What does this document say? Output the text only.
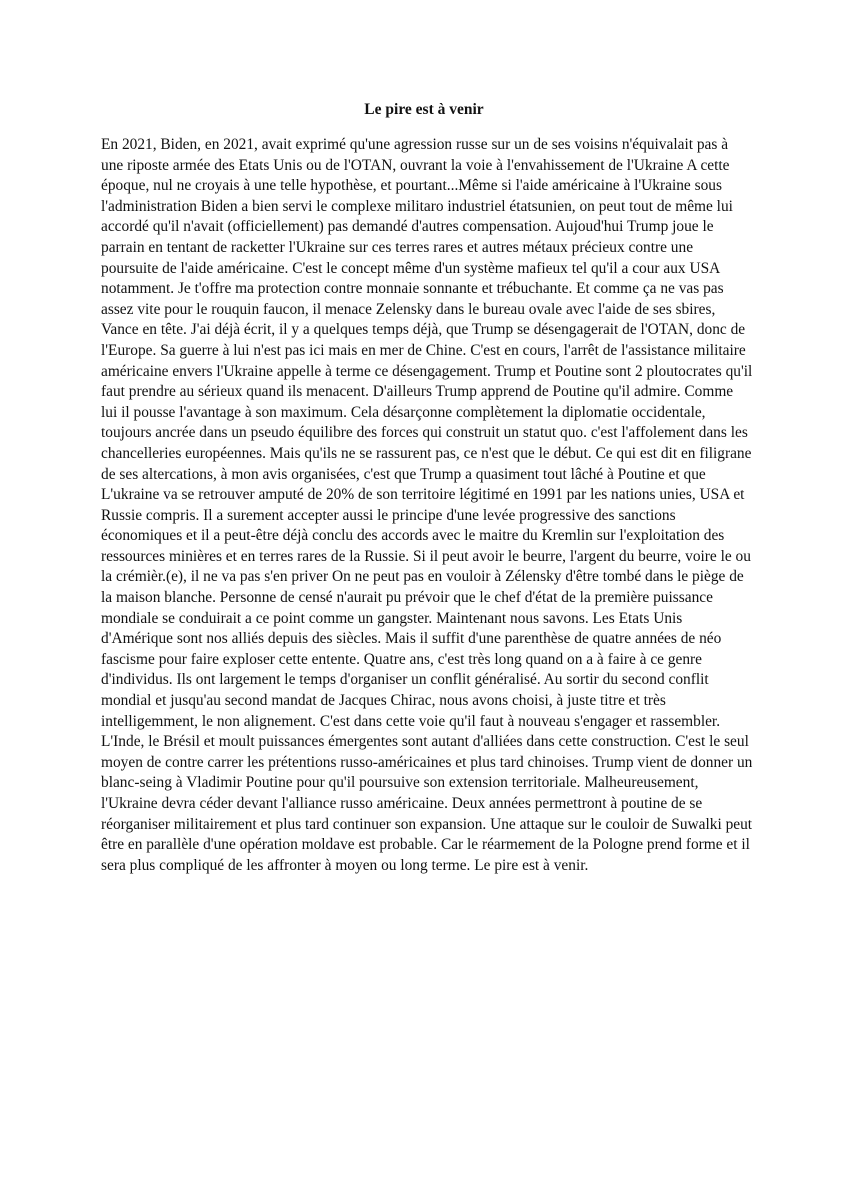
Le pire est à venir

En 2021, Biden, en 2021, avait exprimé qu'une agression russe sur un de ses voisins n'équivalait pas à une riposte armée des Etats Unis ou de l'OTAN, ouvrant la voie à l'envahissement de l'Ukraine A cette époque, nul ne croyais à une telle hypothèse, et pourtant...Même si l'aide américaine à l'Ukraine sous l'administration Biden a bien servi le complexe militaro industriel étatsunien, on peut tout de même lui accordé qu'il n'avait (officiellement) pas demandé d'autres compensation. Aujoud'hui Trump joue le parrain en tentant de racketter l'Ukraine sur ces terres rares et autres métaux précieux contre une poursuite de l'aide américaine. C'est le concept même d'un système mafieux tel qu'il a cour aux USA notamment. Je t'offre ma protection contre monnaie sonnante et trébuchante. Et comme ça ne vas pas assez vite pour le rouquin faucon, il menace Zelensky dans le bureau ovale avec l'aide de ses sbires, Vance en tête. J'ai déjà écrit, il y a quelques temps déjà, que Trump se désengagerait de l'OTAN, donc de l'Europe. Sa guerre à lui n'est pas ici mais en mer de Chine. C'est en cours, l'arrêt de l'assistance militaire américaine envers l'Ukraine appelle à terme ce désengagement. Trump et Poutine sont 2 ploutocrates qu'il faut prendre au sérieux quand ils menacent. D'ailleurs Trump apprend de Poutine qu'il admire. Comme lui il pousse l'avantage à son maximum. Cela désarçonne complètement la diplomatie occidentale, toujours ancrée dans un pseudo équilibre des forces qui construit un statut quo. c'est l'affolement dans les chancelleries européennes. Mais qu'ils ne se rassurent pas, ce n'est que le début. Ce qui est dit en filigrane de ses altercations, à mon avis organisées, c'est que Trump a quasiment tout lâché à Poutine et que L'ukraine va se retrouver amputé de 20% de son territoire légitimé en 1991 par les nations unies, USA et Russie compris. Il a surement accepter aussi le principe d'une levée progressive des sanctions économiques et il a peut-être déjà conclu des accords avec le maitre du Kremlin sur l'exploitation des ressources minières et en terres rares de la Russie. Si il peut avoir le beurre, l'argent du beurre, voire le ou la crémièr.(e), il ne va pas s'en priver On ne peut pas en vouloir à Zélensky d'être tombé dans le piège de la maison blanche. Personne de censé n'aurait pu prévoir que le chef d'état de la première puissance mondiale se conduirait a ce point comme un gangster. Maintenant nous savons. Les Etats Unis d'Amérique sont nos alliés depuis des siècles. Mais il suffit d'une parenthèse de quatre années de néo fascisme pour faire exploser cette entente. Quatre ans, c'est très long quand on a à faire à ce genre d'individus. Ils ont largement le temps d'organiser un conflit généralisé. Au sortir du second conflit mondial et jusqu'au second mandat de Jacques Chirac, nous avons choisi, à juste titre et très intelligemment, le non alignement. C'est dans cette voie qu'il faut à nouveau s'engager et rassembler. L'Inde, le Brésil et moult puissances émergentes sont autant d'alliées dans cette construction. C'est le seul moyen de contre carrer les prétentions russo-américaines et plus tard chinoises. Trump vient de donner un blanc-seing à Vladimir Poutine pour qu'il poursuive son extension territoriale. Malheureusement, l'Ukraine devra céder devant l'alliance russo américaine. Deux années permettront à poutine de se réorganiser militairement et plus tard continuer son expansion. Une attaque sur le couloir de Suwalki peut être en parallèle d'une opération moldave est probable. Car le réarmement de la Pologne prend forme et il sera plus compliqué de les affronter à moyen ou long terme. Le pire est à venir.
